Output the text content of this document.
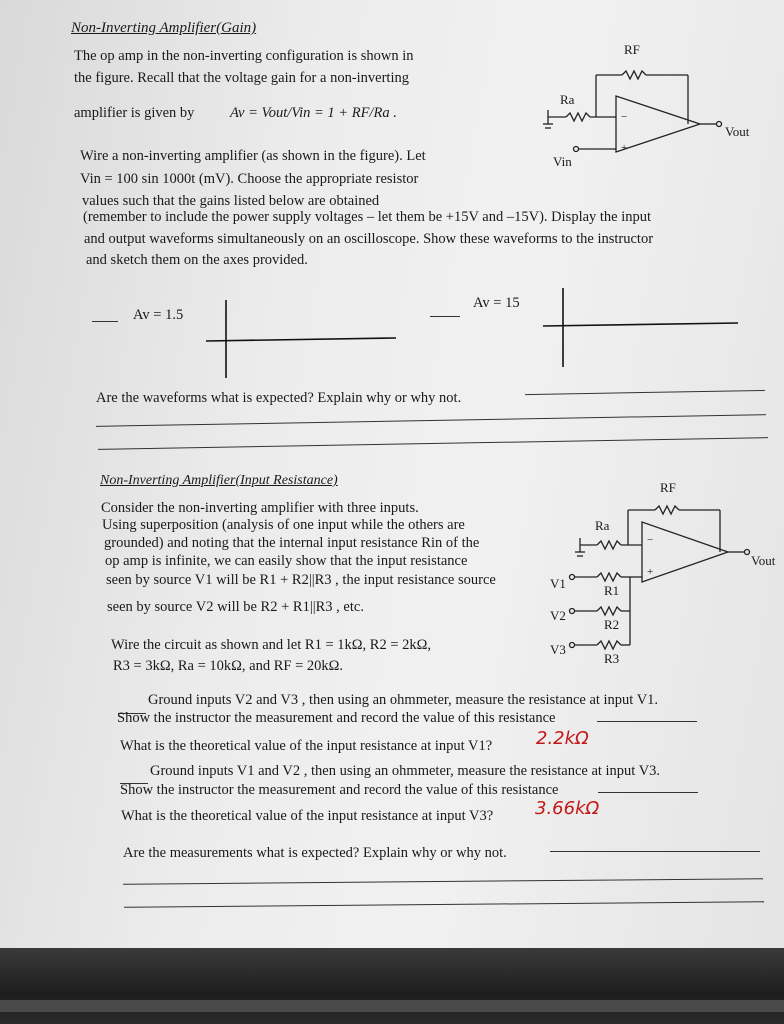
Non-Inverting Amplifier(Gain)
The op amp in the non-inverting configuration is shown in
the figure. Recall that the voltage gain for a non-inverting
amplifier is given by Av = Vout/Vin = 1 + RF/Ra .
Wire a non-inverting amplifier (as shown in the figure). Let
Vin = 100 sin 1000t (mV). Choose the appropriate resistor
values such that the gains listed below are obtained
(remember to include the power supply voltages – let them be +15V and –15V). Display the input
and output waveforms simultaneously on an oscilloscope. Show these waveforms to the instructor
and sketch them on the axes provided.
RF
Ra
Vout
Vin
−
+
Av = 1.5
Av = 15
Are the waveforms what is expected? Explain why or why not.
Non-Inverting Amplifier(Input Resistance)
Consider the non-inverting amplifier with three inputs.
Using superposition (analysis of one input while the others are
grounded) and noting that the internal input resistance Rin of the
op amp is infinite, we can easily show that the input resistance
seen by source V1 will be R1 + R2||R3 , the input resistance source
seen by source V2 will be R2 + R1||R3 , etc.
Wire the circuit as shown and let R1 = 1kΩ, R2 = 2kΩ,
R3 = 3kΩ, Ra = 10kΩ, and RF = 20kΩ.
RF
Ra
Vout
V1
V2
V3
R1
R2
R3
−
+
Ground inputs V2 and V3 , then using an ohmmeter, measure the resistance at input V1.
Show the instructor the measurement and record the value of this resistance
What is the theoretical value of the input resistance at input V1? 2.2kΩ
Ground inputs V1 and V2 , then using an ohmmeter, measure the resistance at input V3.
Show the instructor the measurement and record the value of this resistance
What is the theoretical value of the input resistance at input V3? 3.66kΩ
Are the measurements what is expected? Explain why or why not.
